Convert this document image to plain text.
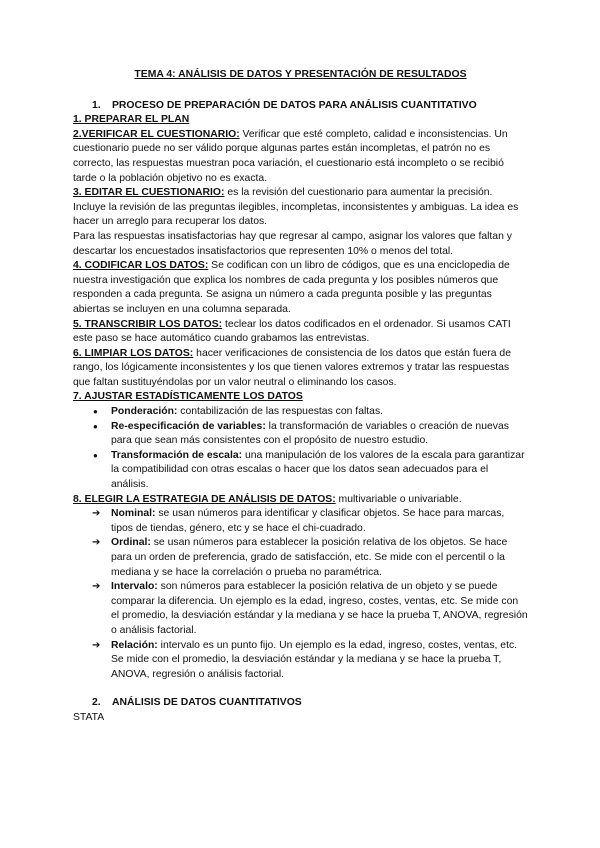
TEMA 4: ANÁLISIS DE DATOS Y PRESENTACIÓN DE RESULTADOS
1. PROCESO DE PREPARACIÓN DE DATOS PARA ANÁLISIS CUANTITATIVO
1. PREPARAR EL PLAN

2.VERIFICAR EL CUESTIONARIO: Verificar que esté completo, calidad e inconsistencias. Un cuestionario puede no ser válido porque algunas partes están incompletas, el patrón no es correcto, las respuestas muestran poca variación, el cuestionario está incompleto o se recibió tarde o la población objetivo no es exacta.

3. EDITAR EL CUESTIONARIO: es la revisión del cuestionario para aumentar la precisión. Incluye la revisión de las preguntas ilegibles, incompletas, inconsistentes y ambiguas. La idea es hacer un arreglo para recuperar los datos.

Para las respuestas insatisfactorias hay que regresar al campo, asignar los valores que faltan y descartar los encuestados insatisfactorios que representen 10% o menos del total.

4. CODIFICAR LOS DATOS: Se codifican con un libro de códigos, que es una enciclopedia de nuestra investigación que explica los nombres de cada pregunta y los posibles números que responden a cada pregunta. Se asigna un número a cada pregunta posible y las preguntas abiertas se incluyen en una columna separada.

5. TRANSCRIBIR LOS DATOS: teclear los datos codificados en el ordenador. Si usamos CATI este paso se hace automático cuando grabamos las entrevistas.

6. LIMPIAR LOS DATOS: hacer verificaciones de consistencia de los datos que están fuera de rango, los lógicamente inconsistentes y los que tienen valores extremos y tratar las respuestas que faltan sustituyéndolas por un valor neutral o eliminando los casos.

7. AJUSTAR ESTADÍSTICAMENTE LOS DATOS
● Ponderación: contabilización de las respuestas con faltas.
● Re-especificación de variables: la transformación de variables o creación de nuevas para que sean más consistentes con el propósito de nuestro estudio.
● Transformación de escala: una manipulación de los valores de la escala para garantizar la compatibilidad con otras escalas o hacer que los datos sean adecuados para el análisis.

8. ELEGIR LA ESTRATEGIA DE ANÁLISIS DE DATOS: multivariable o univariable.

➔ Nominal: se usan números para identificar y clasificar objetos. Se hace para marcas, tipos de tiendas, género, etc y se hace el chi-cuadrado.
➔ Ordinal: se usan números para establecer la posición relativa de los objetos. Se hace para un orden de preferencia, grado de satisfacción, etc. Se mide con el percentil o la mediana y se hace la correlación o prueba no paramétrica.
➔ Intervalo: son números para establecer la posición relativa de un objeto y se puede comparar la diferencia. Un ejemplo es la edad, ingreso, costes, ventas, etc. Se mide con el promedio, la desviación estándar y la mediana y se hace la prueba T, ANOVA, regresión o análisis factorial.
➔ Relación: intervalo es un punto fijo. Un ejemplo es la edad, ingreso, costes, ventas, etc. Se mide con el promedio, la desviación estándar y la mediana y se hace la prueba T, ANOVA, regresión o análisis factorial.
2. ANÁLISIS DE DATOS CUANTITATIVOS

STATA
